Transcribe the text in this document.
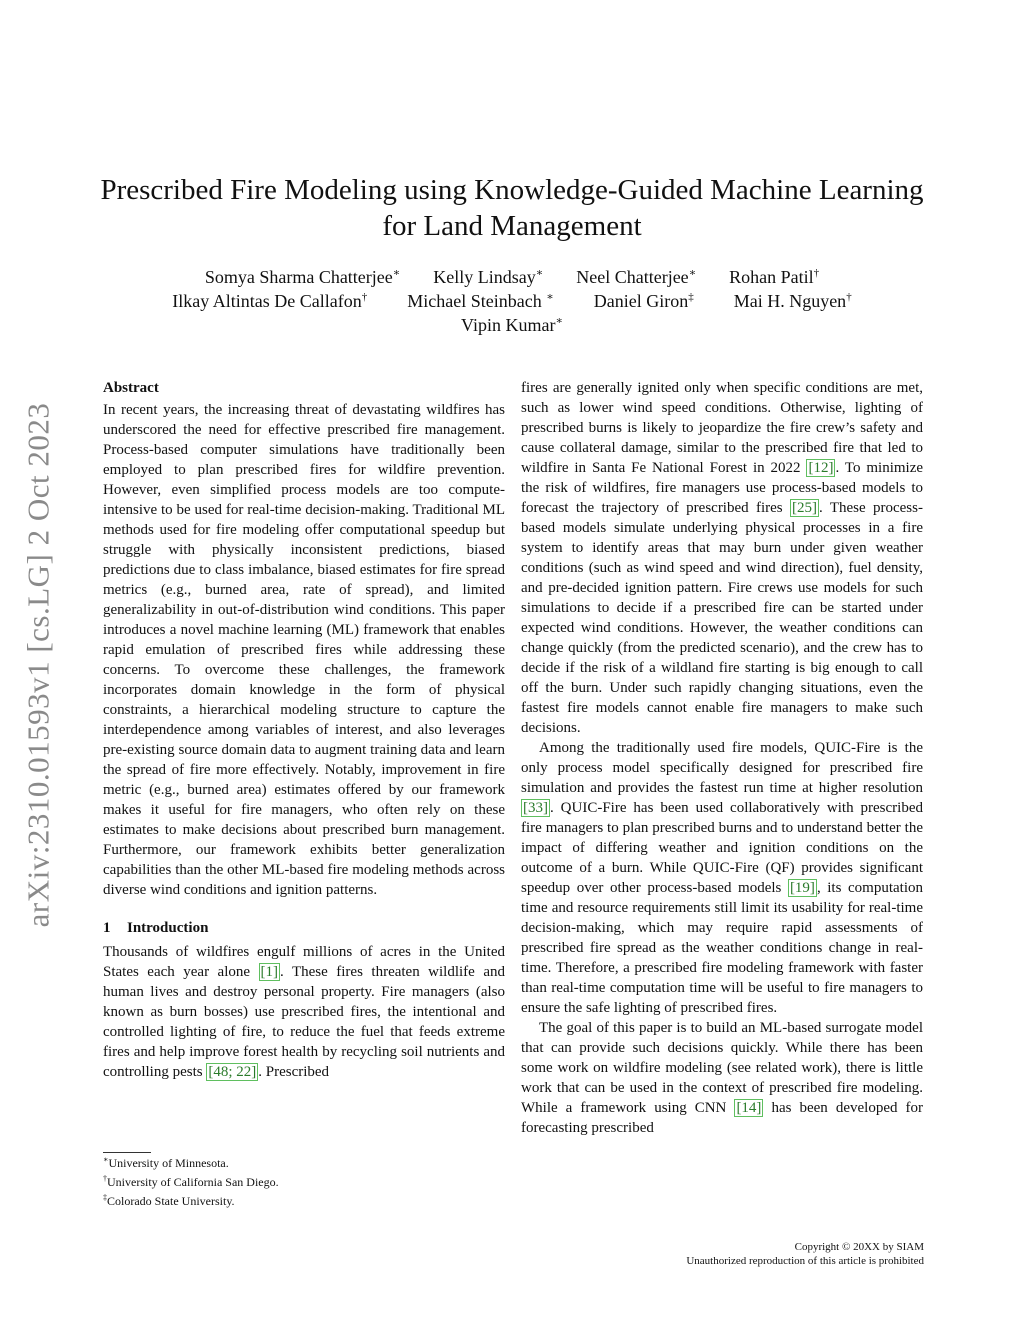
arXiv:2310.01593v1 [cs.LG] 2 Oct 2023
Prescribed Fire Modeling using Knowledge-Guided Machine Learning
for Land Management
Somya Sharma Chatterjee∗ Kelly Lindsay∗ Neel Chatterjee∗ Rohan Patil†
Ilkay Altintas De Callafon† Michael Steinbach ∗ Daniel Giron‡ Mai H. Nguyen†
Vipin Kumar∗
Abstract

In recent years, the increasing threat of devastating wildfires has underscored the need for effective prescribed fire management. Process-based computer simulations have traditionally been employed to plan prescribed fires for wildfire prevention. However, even simplified process models are too compute-intensive to be used for real-time decision-making. Traditional ML methods used for fire modeling offer computational speedup but struggle with physically inconsistent predictions, biased predictions due to class imbalance, biased estimates for fire spread metrics (e.g., burned area, rate of spread), and limited generalizability in out-of-distribution wind conditions. This paper introduces a novel machine learning (ML) framework that enables rapid emulation of prescribed fires while addressing these concerns. To overcome these challenges, the framework incorporates domain knowledge in the form of physical constraints, a hierarchical modeling structure to capture the interdependence among variables of interest, and also leverages pre-existing source domain data to augment training data and learn the spread of fire more effectively. Notably, improvement in fire metric (e.g., burned area) estimates offered by our framework makes it useful for fire managers, who often rely on these estimates to make decisions about prescribed burn management. Furthermore, our framework exhibits better generalization capabilities than the other ML-based fire modeling methods across diverse wind conditions and ignition patterns.

1 Introduction

Thousands of wildfires engulf millions of acres in the United States each year alone [1] . These fires threaten wildlife and human lives and destroy personal property. Fire managers (also known as burn bosses) use prescribed fires, the intentional and controlled lighting of fire, to reduce the fuel that feeds extreme fires and help improve forest health by recycling soil nutrients and controlling pests [48; 22] . Prescribed

∗University of Minnesota.
†University of California San Diego.
‡Colorado State University.

fires are generally ignited only when specific conditions are met, such as lower wind speed conditions. Otherwise, lighting of prescribed burns is likely to jeopardize the fire crew’s safety and cause collateral damage, similar to the prescribed fire that led to wildfire in Santa Fe National Forest in 2022 [12] . To minimize the risk of wildfires, fire managers use process-based models to forecast the trajectory of prescribed fires [25] . These process-based models simulate underlying physical processes in a fire system to identify areas that may burn under given weather conditions (such as wind speed and wind direction), fuel density, and pre-decided ignition pattern. Fire crews use models for such simulations to decide if a prescribed fire can be started under expected wind conditions. However, the weather conditions can change quickly (from the predicted scenario), and the crew has to decide if the risk of a wildland fire starting is big enough to call off the burn. Under such rapidly changing situations, even the fastest fire models cannot enable fire managers to make such decisions.

Among the traditionally used fire models, QUIC-Fire is the only process model specifically designed for prescribed fire simulation and provides the fastest run time at higher resolution [33] . QUIC-Fire has been used collaboratively with prescribed fire managers to plan prescribed burns and to understand better the impact of differing weather and ignition conditions on the outcome of a burn. While QUIC-Fire (QF) provides significant speedup over other process-based models [19] , its computation time and resource requirements still limit its usability for real-time decision-making, which may require rapid assessments of prescribed fire spread as the weather conditions change in real-time. Therefore, a prescribed fire modeling framework with faster than real-time computation time will be useful to fire managers to ensure the safe lighting of prescribed fires.

The goal of this paper is to build an ML-based surrogate model that can provide such decisions quickly. While there has been some work on wildfire modeling (see related work), there is little work that can be used in the context of prescribed fire modeling. While a framework using CNN [14] has been developed for forecasting prescribed

Copyright © 20XX by SIAM
Unauthorized reproduction of this article is prohibited
